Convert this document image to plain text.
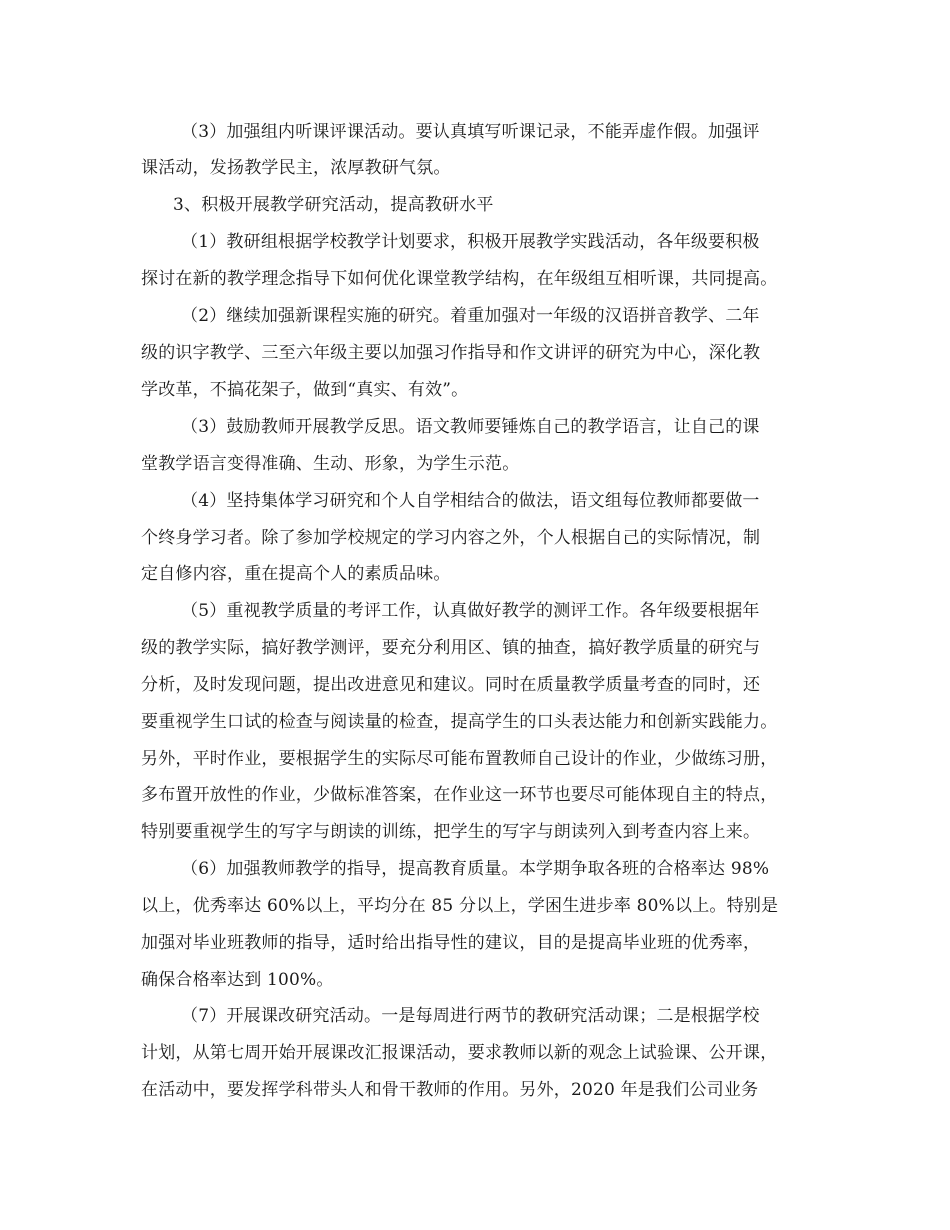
（3）加强组内听课评课活动。要认真填写听课记录，不能弄虚作假。加强评
课活动，发扬教学民主，浓厚教研气氛。
3、积极开展教学研究活动，提高教研水平
（1）教研组根据学校教学计划要求，积极开展教学实践活动，各年级要积极
探讨在新的教学理念指导下如何优化课堂教学结构，在年级组互相听课，共同提高。
（2）继续加强新课程实施的研究。着重加强对一年级的汉语拼音教学、二年
级的识字教学、三至六年级主要以加强习作指导和作文讲评的研究为中心，深化教
学改革，不搞花架子，做到“真实、有效”。
（3）鼓励教师开展教学反思。语文教师要锤炼自己的教学语言，让自己的课
堂教学语言变得准确、生动、形象，为学生示范。
（4）坚持集体学习研究和个人自学相结合的做法，语文组每位教师都要做一
个终身学习者。除了参加学校规定的学习内容之外，个人根据自己的实际情况，制
定自修内容，重在提高个人的素质品味。
（5）重视教学质量的考评工作，认真做好教学的测评工作。各年级要根据年
级的教学实际，搞好教学测评，要充分利用区、镇的抽查，搞好教学质量的研究与
分析，及时发现问题，提出改进意见和建议。同时在质量教学质量考查的同时，还
要重视学生口试的检查与阅读量的检查，提高学生的口头表达能力和创新实践能力。
另外，平时作业，要根据学生的实际尽可能布置教师自己设计的作业，少做练习册，
多布置开放性的作业，少做标准答案，在作业这一环节也要尽可能体现自主的特点，
特别要重视学生的写字与朗读的训练，把学生的写字与朗读列入到考查内容上来。
（6）加强教师教学的指导，提高教育质量。本学期争取各班的合格率达 98%
以上，优秀率达 60%以上，平均分在 85 分以上，学困生进步率 80%以上。特别是
加强对毕业班教师的指导，适时给出指导性的建议，目的是提高毕业班的优秀率，
确保合格率达到 100%。
（7）开展课改研究活动。一是每周进行两节的教研究活动课；二是根据学校
计划，从第七周开始开展课改汇报课活动，要求教师以新的观念上试验课、公开课，
在活动中，要发挥学科带头人和骨干教师的作用。另外，2020 年是我们公司业务
